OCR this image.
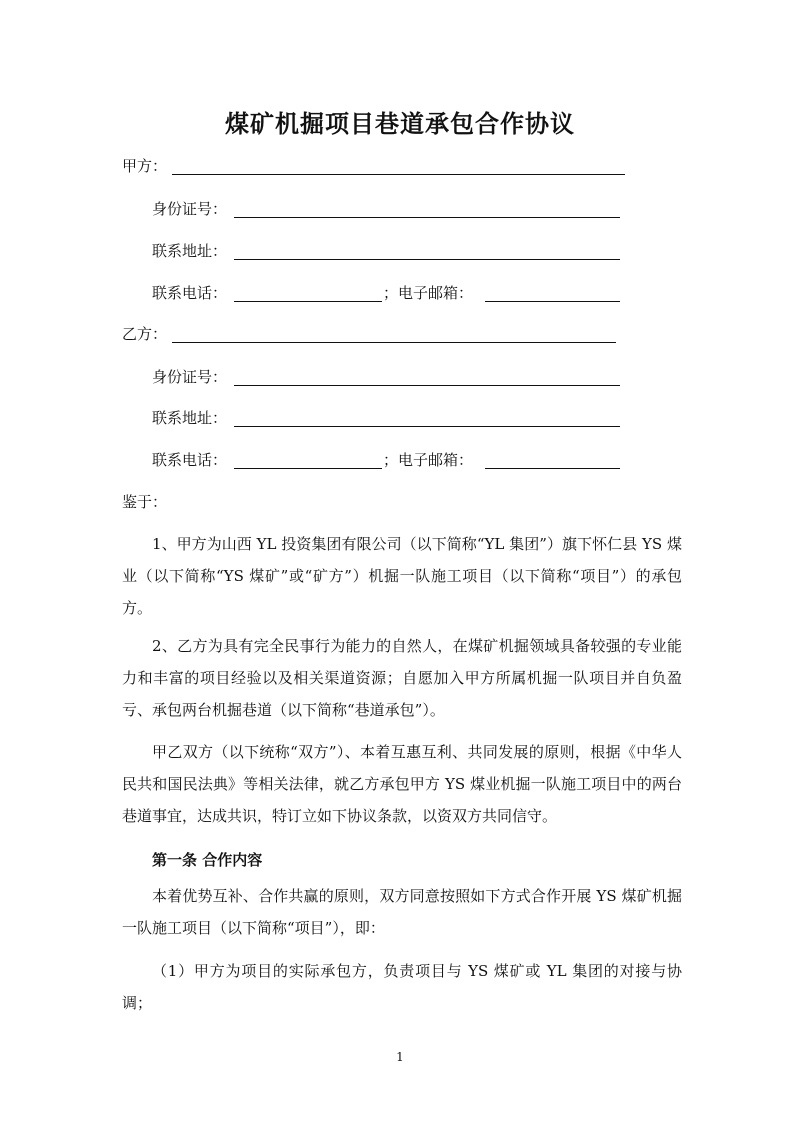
煤矿机掘项目巷道承包合作协议
甲方：
身份证号：
联系地址：
联系电话：	；电子邮箱：
乙方：
身份证号：
联系地址：
联系电话：	；电子邮箱：
鉴于：
1、甲方为山西 YL 投资集团有限公司（以下简称“YL 集团”）旗下怀仁县 YS 煤业（以下简称“YS 煤矿”或“矿方”）机掘一队施工项目（以下简称“项目”）的承包方。
2、乙方为具有完全民事行为能力的自然人，在煤矿机掘领域具备较强的专业能力和丰富的项目经验以及相关渠道资源；自愿加入甲方所属机掘一队项目并自负盈亏、承包两台机掘巷道（以下简称“巷道承包”）。
甲乙双方（以下统称“双方”）、本着互惠互利、共同发展的原则，根据《中华人民共和国民法典》等相关法律，就乙方承包甲方 YS 煤业机掘一队施工项目中的两台巷道事宜，达成共识，特订立如下协议条款，以资双方共同信守。
第一条 合作内容
本着优势互补、合作共赢的原则，双方同意按照如下方式合作开展 YS 煤矿机掘一队施工项目（以下简称“项目”），即：
（1）甲方为项目的实际承包方，负责项目与 YS 煤矿或 YL 集团的对接与协调；
1
